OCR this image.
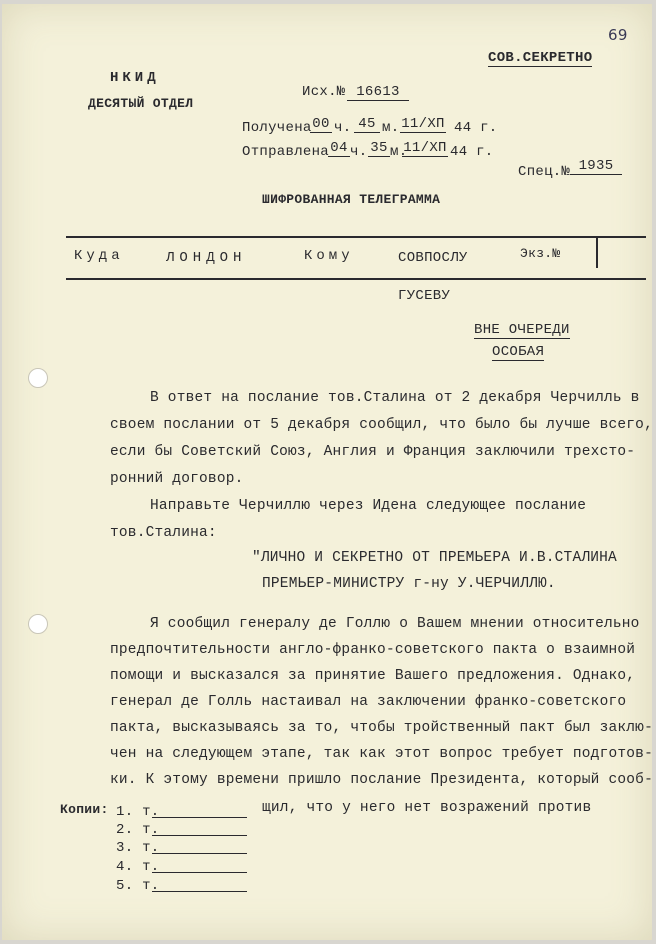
69
СОВ.СЕКРЕТНО
НКИД
ДЕСЯТЫЙ ОТДЕЛ
Исх.№ 16613
Получена 00 ч. 45 м. 11/ХП 44 г.
Отправлена 04 ч. 35 м.
11/ХП 44 г.
Спец.№ 1935
ШИФРОВАННАЯ ТЕЛЕГРАММА
Куда	ЛОНДОН	Кому	СОВПОСЛУ	Экз.№
ГУСЕВУ
ВНЕ ОЧЕРЕДИ
ОСОБАЯ
В ответ на послание тов.Сталина от 2 декабря Черчилль в
своем послании от 5 декабря сообщил, что было бы лучше всего,
если бы Советский Союз, Англия и Франция заключили трехсто-
ронний договор.
Направьте Черчиллю через Идена следующее послание
тов.Сталина:
"ЛИЧНО И СЕКРЕТНО ОТ ПРЕМЬЕРА И.В.СТАЛИНА
ПРЕМЬЕР-МИНИСТРУ г-ну У.ЧЕРЧИЛЛЮ.
Я сообщил генералу де Голлю о Вашем мнении относительно
предпочтительности англо-франко-советского пакта о взаимной
помощи и высказался за принятие Вашего предложения. Однако,
генерал де Голль настаивал на заключении франко-советского
пакта, высказываясь за то, чтобы тройственный пакт был заклю-
чен на следующем этапе, так как этот вопрос требует подготов-
ки. К этому времени пришло послание Президента, который сооб-
щил, что у него нет возражений против
Копии: 1. т.
2. т.
3. т.
4. т.
5. т.
